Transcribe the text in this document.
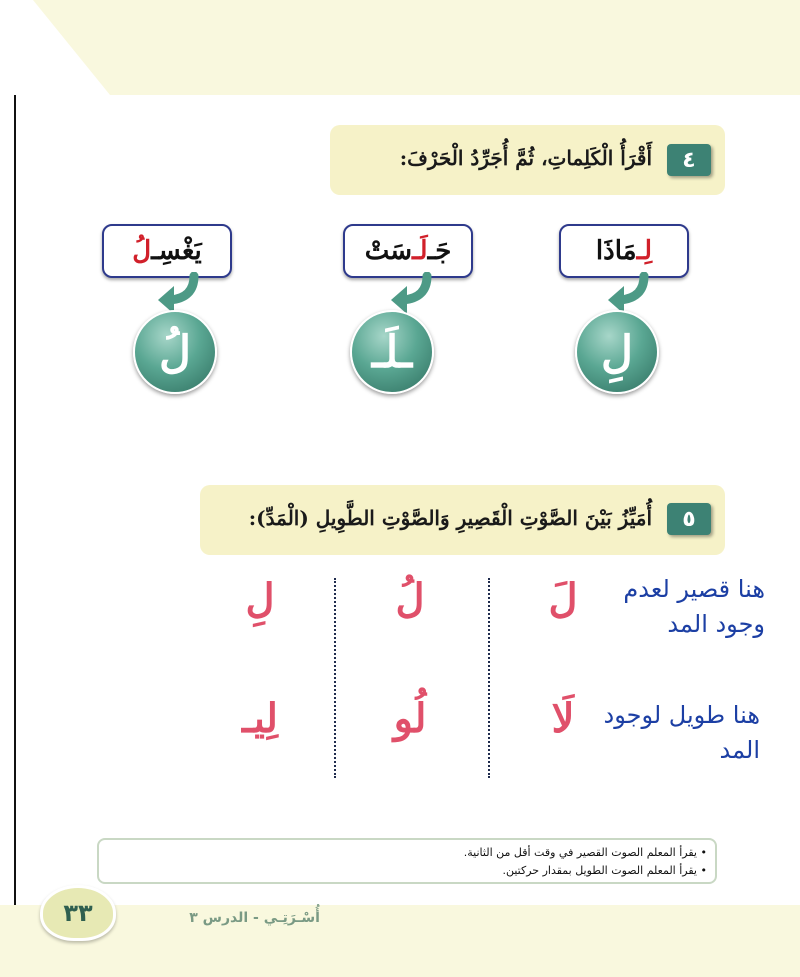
٤
أَقْرَأُ الْكَلِماتِ، ثُمَّ أُجَرِّدُ الْحَرْفَ:
لِـ
مَاذَا
جَـ
لَـ
سَتْ
يَغْسِـ
لُ
لِ
ـلَـ
لُ
٥
أُمَيِّزُ بَيْنَ الصَّوْتِ الْقَصِيرِ وَالصَّوْتِ الطَّوِيلِ (الْمَدِّ):
لَ
لُ
لِ
لَا
لُو
لِيـ
هنا قصير لعدم وجود المد
هنا طويل لوجود المد
• يقرأ المعلم الصوت القصير في وقت أقل من الثانية.
• يقرأ المعلم الصوت الطويل بمقدار حركتين.
٣٣	أُسْـرَتِـي - الدرس ٣
